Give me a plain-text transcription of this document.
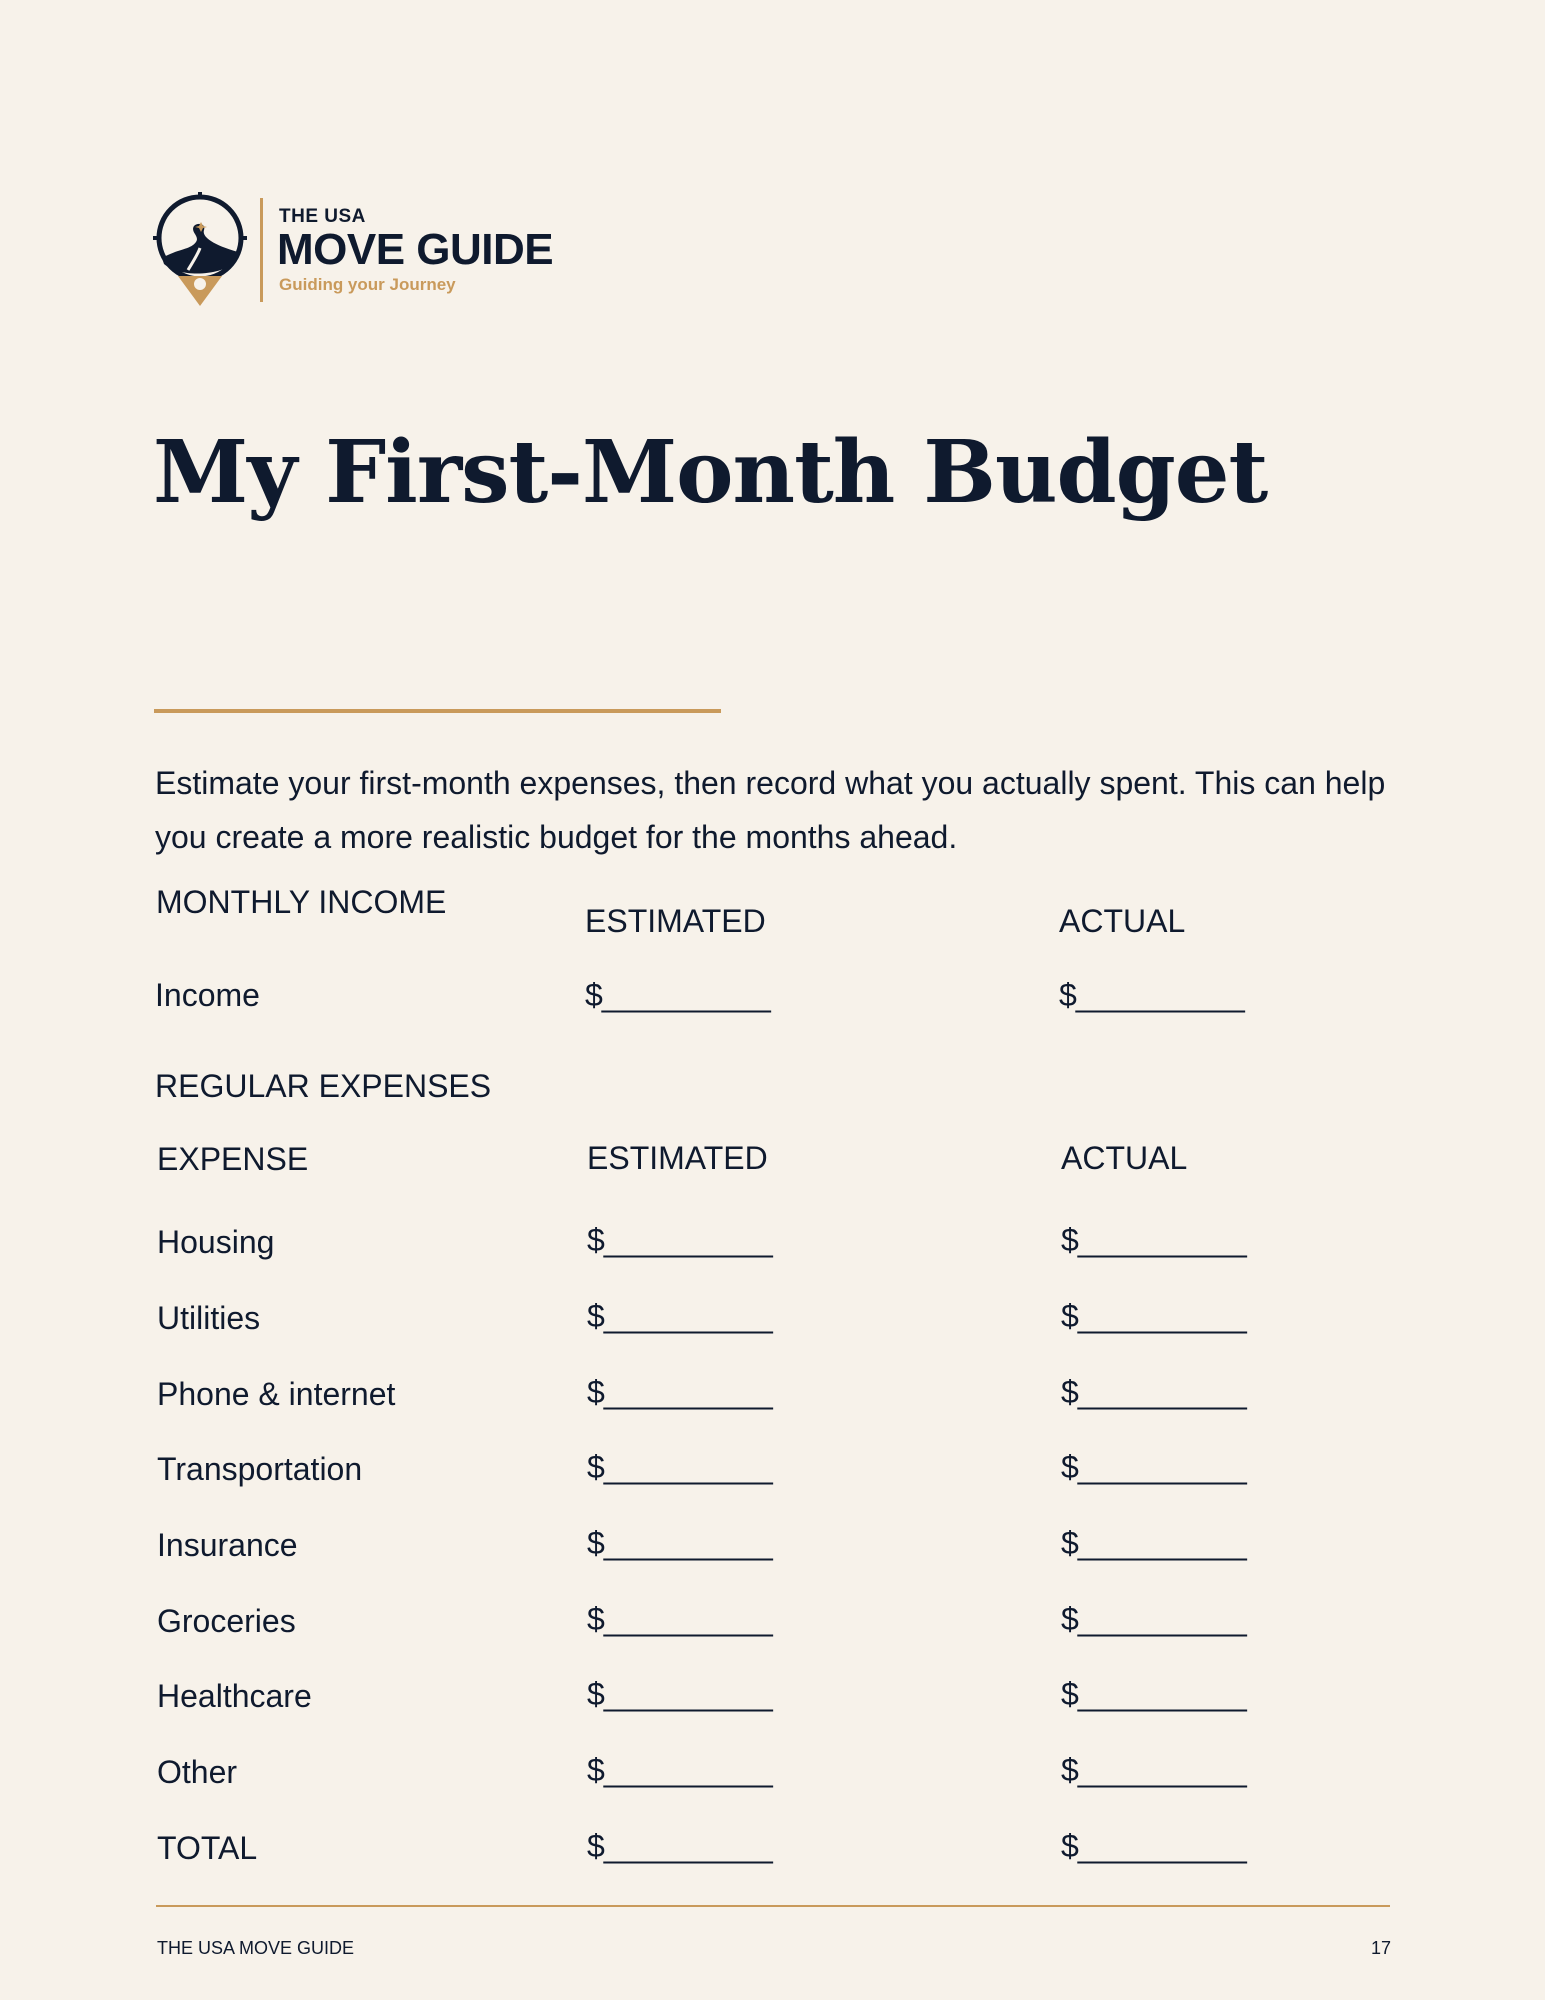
THE USA
MOVE GUIDE
Guiding your Journey
My First-Month Budget
Estimate your first-month expenses, then record what you actually spent. This can help you create a more realistic budget for the months ahead.
MONTHLY INCOME
ESTIMATED	ACTUAL
Income	$__________	$__________
REGULAR EXPENSES
EXPENSE	ESTIMATED	ACTUAL
Housing	$__________	$__________
Utilities	$__________	$__________
Phone & internet	$__________	$__________
Transportation	$__________	$__________
Insurance	$__________	$__________
Groceries	$__________	$__________
Healthcare	$__________	$__________
Other	$__________	$__________
TOTAL	$__________	$__________
THE USA MOVE GUIDE	17
